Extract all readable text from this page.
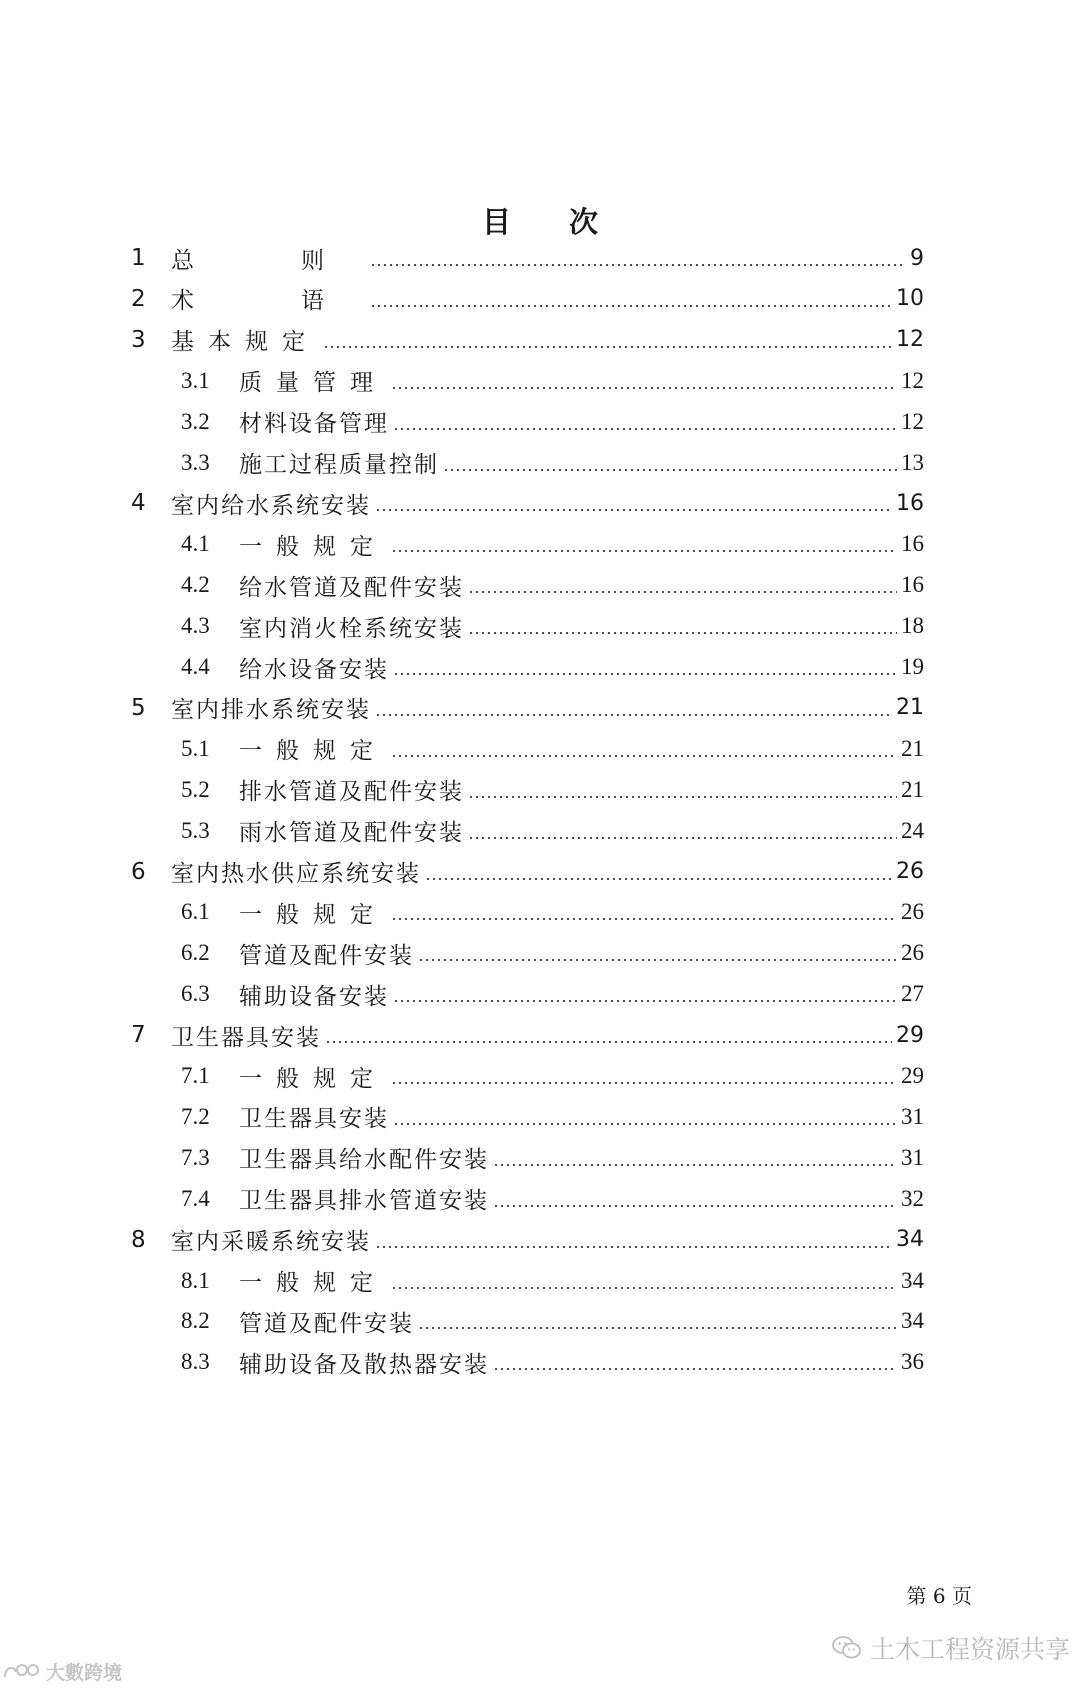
目 次
1	总　则	9
2	术　语	10
3	基本规定	12
3.1	质量管理	12
3.2	材料设备管理	12
3.3	施工过程质量控制	13
4	室内给水系统安装	16
4.1	一般规定	16
4.2	给水管道及配件安装	16
4.3	室内消火栓系统安装	18
4.4	给水设备安装	19
5	室内排水系统安装	21
5.1	一般规定	21
5.2	排水管道及配件安装	21
5.3	雨水管道及配件安装	24
6	室内热水供应系统安装	26
6.1	一般规定	26
6.2	管道及配件安装	26
6.3	辅助设备安装	27
7	卫生器具安装	29
7.1	一般规定	29
7.2	卫生器具安装	31
7.3	卫生器具给水配件安装	31
7.4	卫生器具排水管道安装	32
8	室内采暖系统安装	34
8.1	一般规定	34
8.2	管道及配件安装	34
8.3	辅助设备及散热器安装	36
第 6 页
土木工程资源共享
大數跨境
